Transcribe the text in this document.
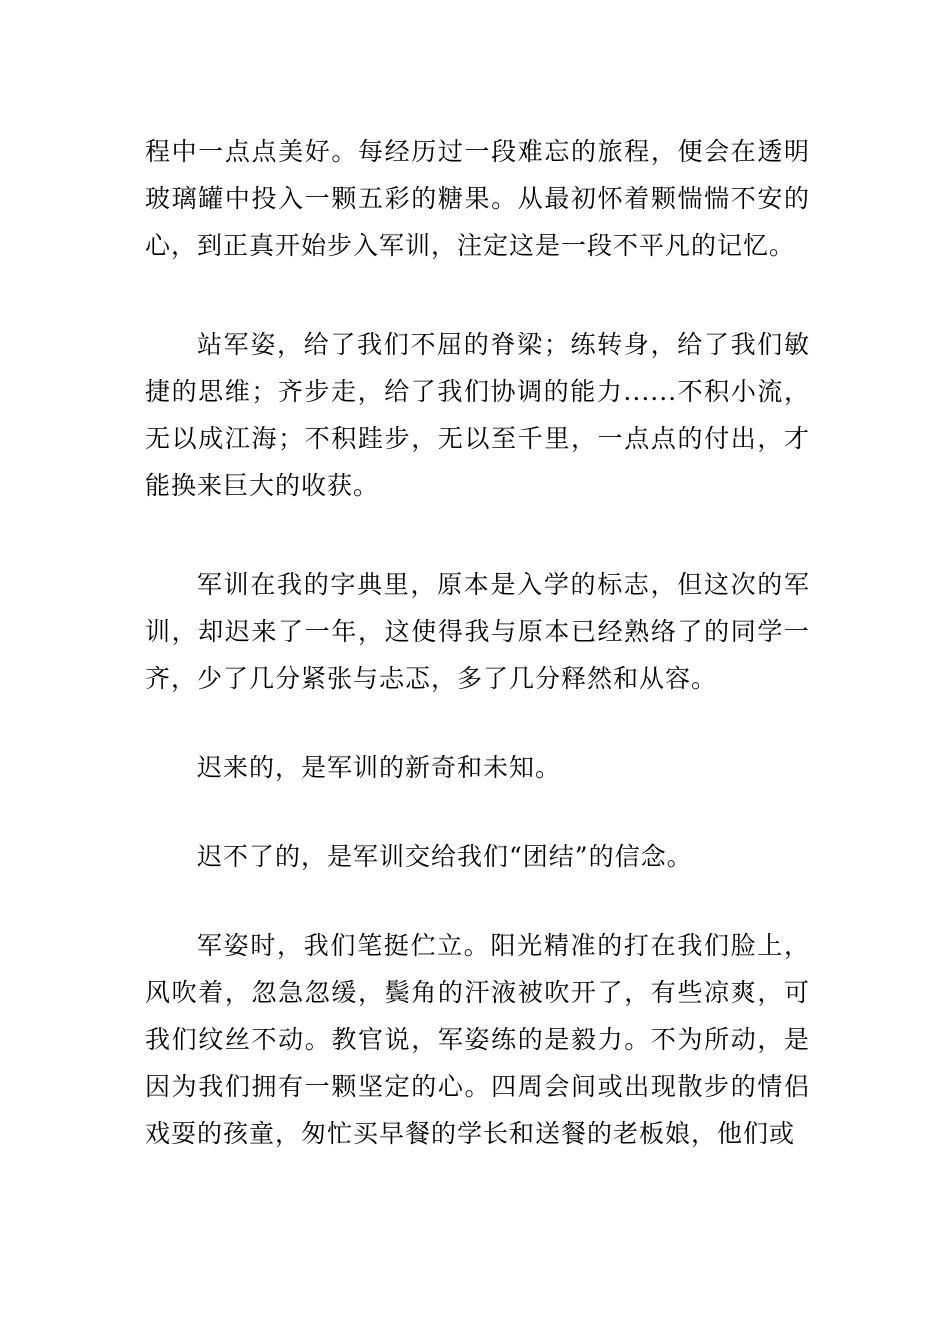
程中一点点美好。每经历过一段难忘的旅程，便会在透明玻璃罐中投入一颗五彩的糖果。从最初怀着颗惴惴不安的心，到正真开始步入军训，注定这是一段不平凡的记忆。

站军姿，给了我们不屈的脊梁；练转身，给了我们敏捷的思维；齐步走，给了我们协调的能力......不积小流，无以成江海；不积跬步，无以至千里，一点点的付出，才能换来巨大的收获。

军训在我的字典里，原本是入学的标志，但这次的军训，却迟来了一年，这使得我与原本已经熟络了的同学一齐，少了几分紧张与忐忑，多了几分释然和从容。

迟来的，是军训的新奇和未知。

迟不了的，是军训交给我们“团结”的信念。

军姿时，我们笔挺伫立。阳光精准的打在我们脸上，风吹着，忽急忽缓，鬓角的汗液被吹开了，有些凉爽，可我们纹丝不动。教官说，军姿练的是毅力。不为所动，是因为我们拥有一颗坚定的心。四周会间或出现散步的情侣戏耍的孩童，匆忙买早餐的学长和送餐的老板娘，他们或
